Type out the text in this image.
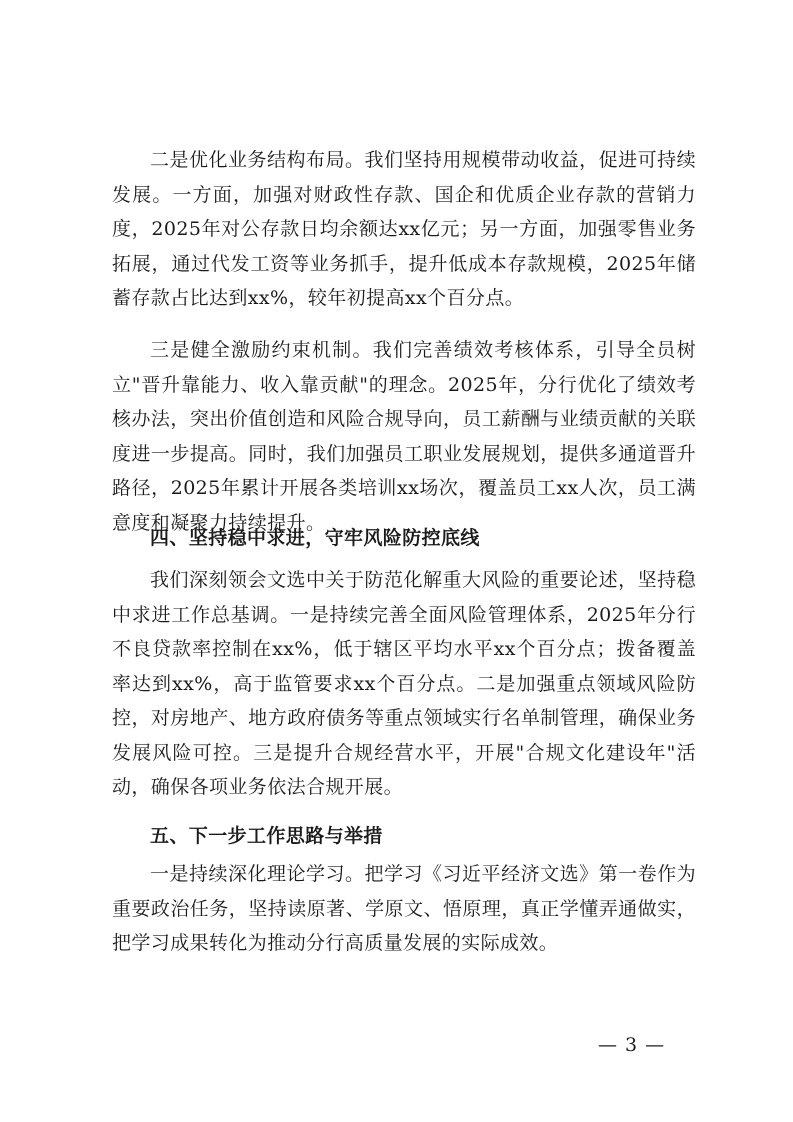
二是优化业务结构布局。我们坚持用规模带动收益，促进可持续发展。一方面，加强对财政性存款、国企和优质企业存款的营销力度，2025年对公存款日均余额达xx亿元；另一方面，加强零售业务拓展，通过代发工资等业务抓手，提升低成本存款规模，2025年储蓄存款占比达到xx%，较年初提高xx个百分点。

三是健全激励约束机制。我们完善绩效考核体系，引导全员树立"晋升靠能力、收入靠贡献"的理念。2025年，分行优化了绩效考核办法，突出价值创造和风险合规导向，员工薪酬与业绩贡献的关联度进一步提高。同时，我们加强员工职业发展规划，提供多通道晋升路径，2025年累计开展各类培训xx场次，覆盖员工xx人次，员工满意度和凝聚力持续提升。

四、坚持稳中求进，守牢风险防控底线

我们深刻领会文选中关于防范化解重大风险的重要论述，坚持稳中求进工作总基调。一是持续完善全面风险管理体系，2025年分行不良贷款率控制在xx%，低于辖区平均水平xx个百分点；拨备覆盖率达到xx%，高于监管要求xx个百分点。二是加强重点领域风险防控，对房地产、地方政府债务等重点领域实行名单制管理，确保业务发展风险可控。三是提升合规经营水平，开展"合规文化建设年"活动，确保各项业务依法合规开展。

五、下一步工作思路与举措

一是持续深化理论学习。把学习《习近平经济文选》第一卷作为重要政治任务，坚持读原著、学原文、悟原理，真正学懂弄通做实，把学习成果转化为推动分行高质量发展的实际成效。

— 3 —
